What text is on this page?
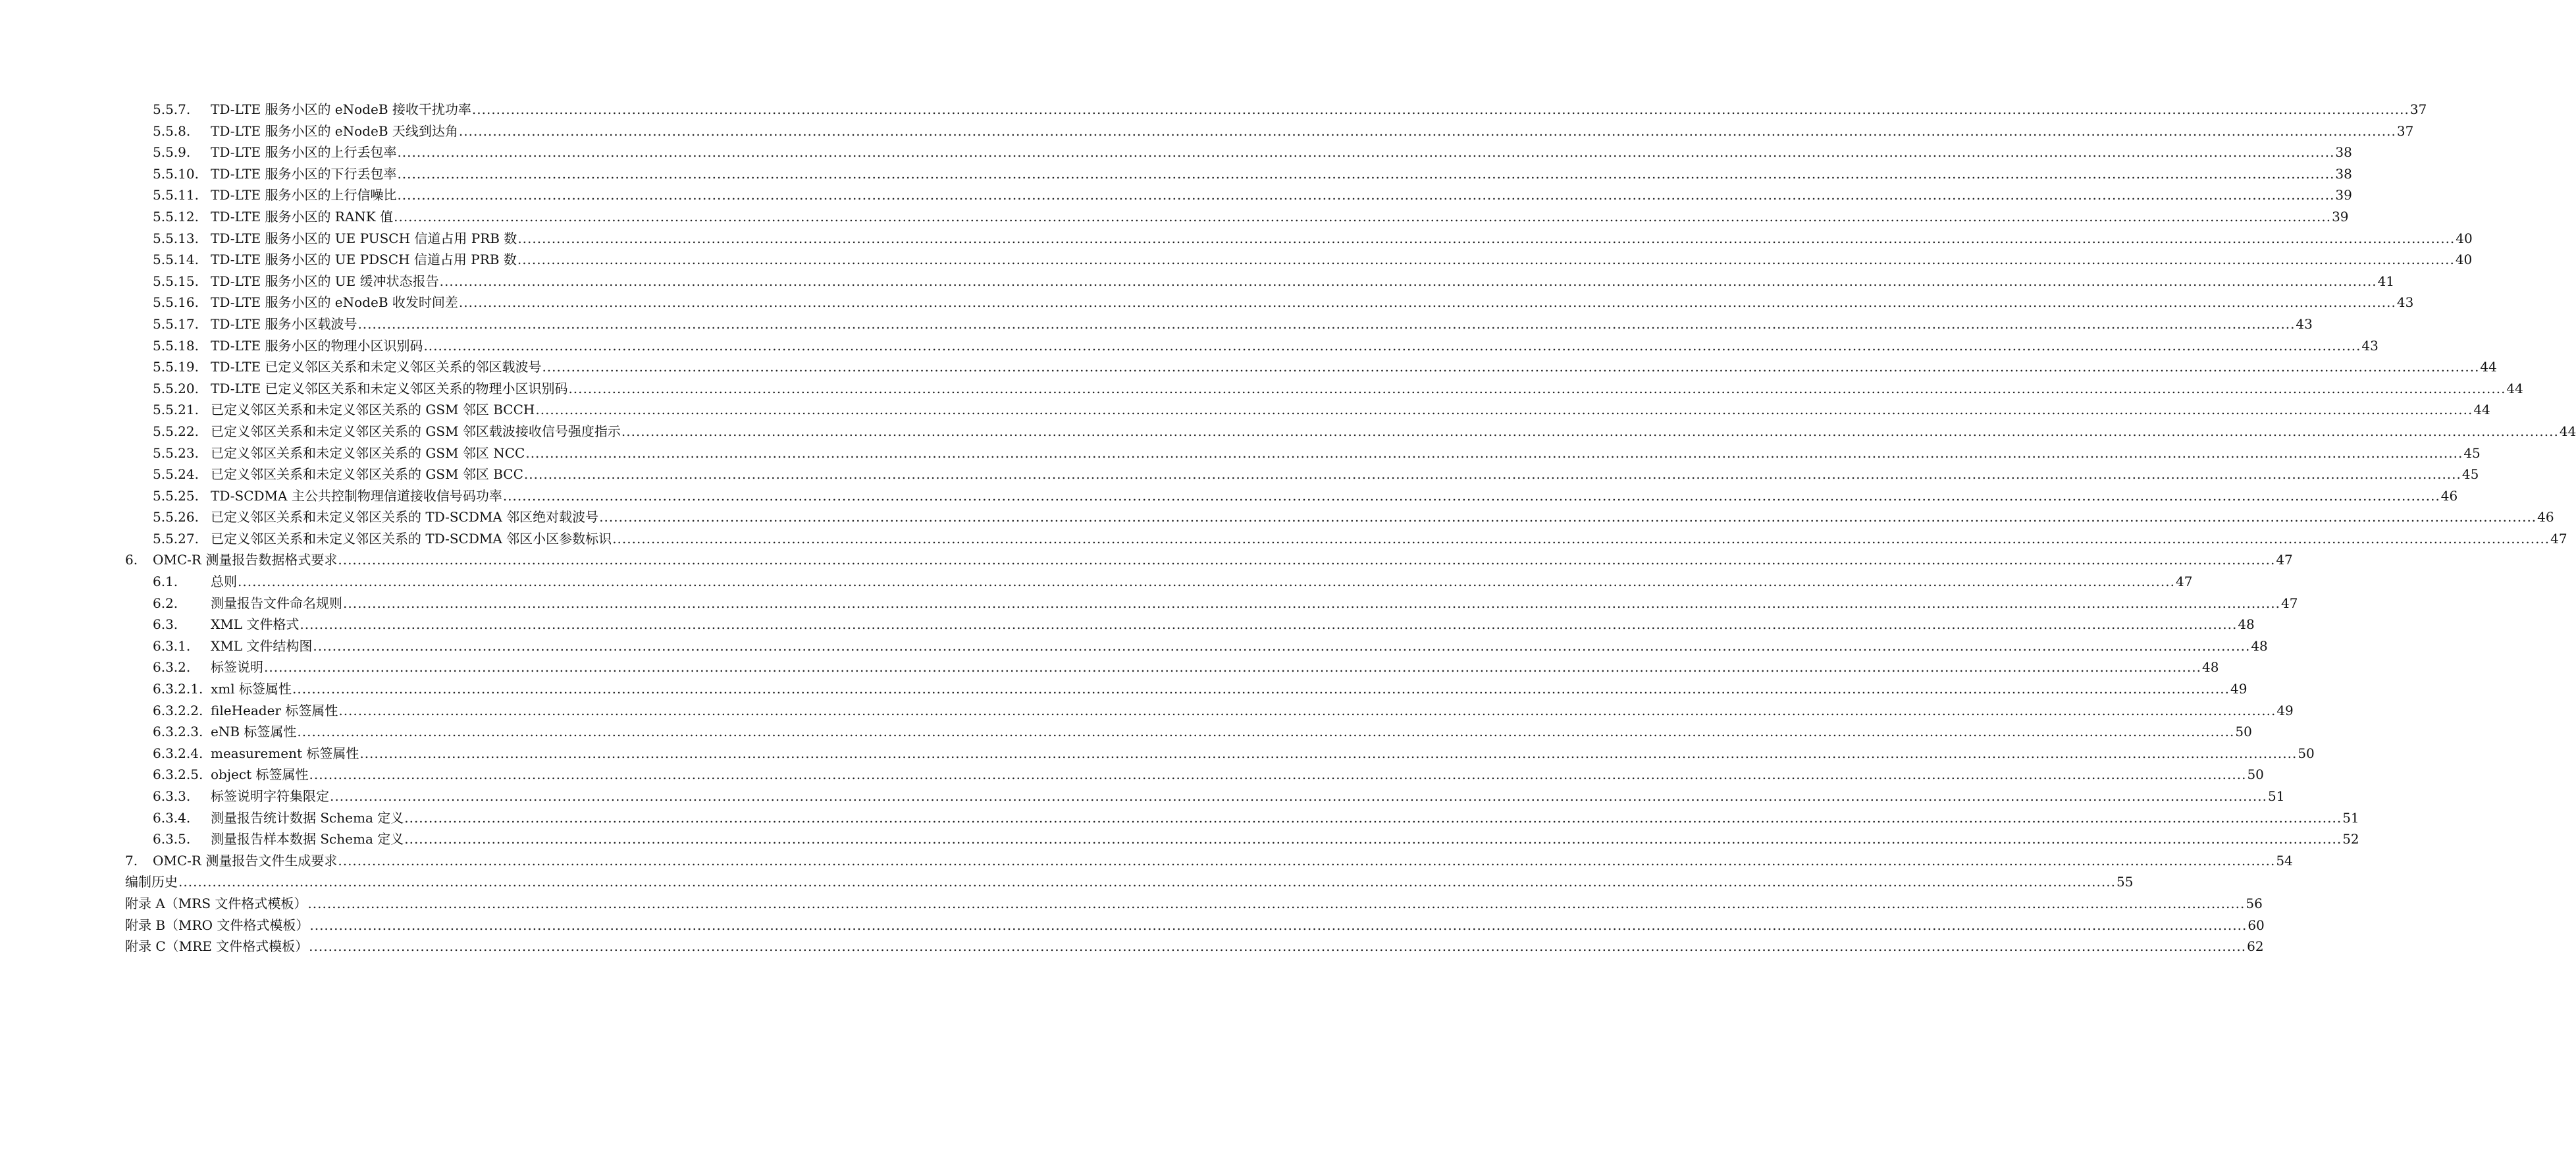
5.5.7. TD-LTE 服务小区的 eNodeB 接收干扰功率 ................................................................................................................................................................................................................................................................................................................................................................................................................ 37
5.5.8. TD-LTE 服务小区的 eNodeB 天线到达角 ................................................................................................................................................................................................................................................................................................................................................................................................................ 37
5.5.9. TD-LTE 服务小区的上行丢包率 ................................................................................................................................................................................................................................................................................................................................................................................................................ 38
5.5.10. TD-LTE 服务小区的下行丢包率 ................................................................................................................................................................................................................................................................................................................................................................................................................ 38
5.5.11. TD-LTE 服务小区的上行信噪比 ................................................................................................................................................................................................................................................................................................................................................................................................................ 39
5.5.12. TD-LTE 服务小区的 RANK 值 ................................................................................................................................................................................................................................................................................................................................................................................................................ 39
5.5.13. TD-LTE 服务小区的 UE PUSCH 信道占用 PRB 数 ................................................................................................................................................................................................................................................................................................................................................................................................................ 40
5.5.14. TD-LTE 服务小区的 UE PDSCH 信道占用 PRB 数 ................................................................................................................................................................................................................................................................................................................................................................................................................ 40
5.5.15. TD-LTE 服务小区的 UE 缓冲状态报告 ................................................................................................................................................................................................................................................................................................................................................................................................................ 41
5.5.16. TD-LTE 服务小区的 eNodeB 收发时间差 ................................................................................................................................................................................................................................................................................................................................................................................................................ 43
5.5.17. TD-LTE 服务小区载波号 ................................................................................................................................................................................................................................................................................................................................................................................................................ 43
5.5.18. TD-LTE 服务小区的物理小区识别码 ................................................................................................................................................................................................................................................................................................................................................................................................................ 43
5.5.19. TD-LTE 已定义邻区关系和未定义邻区关系的邻区载波号 ................................................................................................................................................................................................................................................................................................................................................................................................................ 44
5.5.20. TD-LTE 已定义邻区关系和未定义邻区关系的物理小区识别码 ................................................................................................................................................................................................................................................................................................................................................................................................................ 44
5.5.21. 已定义邻区关系和未定义邻区关系的 GSM 邻区 BCCH ................................................................................................................................................................................................................................................................................................................................................................................................................ 44
5.5.22. 已定义邻区关系和未定义邻区关系的 GSM 邻区载波接收信号强度指示 ................................................................................................................................................................................................................................................................................................................................................................................................................ 44
5.5.23. 已定义邻区关系和未定义邻区关系的 GSM 邻区 NCC ................................................................................................................................................................................................................................................................................................................................................................................................................ 45
5.5.24. 已定义邻区关系和未定义邻区关系的 GSM 邻区 BCC ................................................................................................................................................................................................................................................................................................................................................................................................................ 45
5.5.25. TD-SCDMA 主公共控制物理信道接收信号码功率 ................................................................................................................................................................................................................................................................................................................................................................................................................ 46
5.5.26. 已定义邻区关系和未定义邻区关系的 TD-SCDMA 邻区绝对载波号 ................................................................................................................................................................................................................................................................................................................................................................................................................ 46
5.5.27. 已定义邻区关系和未定义邻区关系的 TD-SCDMA 邻区小区参数标识 ................................................................................................................................................................................................................................................................................................................................................................................................................ 47
6. OMC-R 测量报告数据格式要求 ................................................................................................................................................................................................................................................................................................................................................................................................................ 47
6.1. 总则 ................................................................................................................................................................................................................................................................................................................................................................................................................ 47
6.2. 测量报告文件命名规则 ................................................................................................................................................................................................................................................................................................................................................................................................................ 47
6.3. XML 文件格式 ................................................................................................................................................................................................................................................................................................................................................................................................................ 48
6.3.1. XML 文件结构图 ................................................................................................................................................................................................................................................................................................................................................................................................................ 48
6.3.2. 标签说明 ................................................................................................................................................................................................................................................................................................................................................................................................................ 48
6.3.2.1. xml 标签属性 ................................................................................................................................................................................................................................................................................................................................................................................................................ 49
6.3.2.2. fileHeader 标签属性 ................................................................................................................................................................................................................................................................................................................................................................................................................ 49
6.3.2.3. eNB 标签属性 ................................................................................................................................................................................................................................................................................................................................................................................................................ 50
6.3.2.4. measurement 标签属性 ................................................................................................................................................................................................................................................................................................................................................................................................................ 50
6.3.2.5. object 标签属性 ................................................................................................................................................................................................................................................................................................................................................................................................................ 50
6.3.3. 标签说明字符集限定 ................................................................................................................................................................................................................................................................................................................................................................................................................ 51
6.3.4. 测量报告统计数据 Schema 定义 ................................................................................................................................................................................................................................................................................................................................................................................................................ 51
6.3.5. 测量报告样本数据 Schema 定义 ................................................................................................................................................................................................................................................................................................................................................................................................................ 52
7. OMC-R 测量报告文件生成要求 ................................................................................................................................................................................................................................................................................................................................................................................................................ 54
编制历史 ................................................................................................................................................................................................................................................................................................................................................................................................................ 55
附录 A（MRS 文件格式模板） ................................................................................................................................................................................................................................................................................................................................................................................................................ 56
附录 B（MRO 文件格式模板） ................................................................................................................................................................................................................................................................................................................................................................................................................ 60
附录 C（MRE 文件格式模板） ................................................................................................................................................................................................................................................................................................................................................................................................................ 62
